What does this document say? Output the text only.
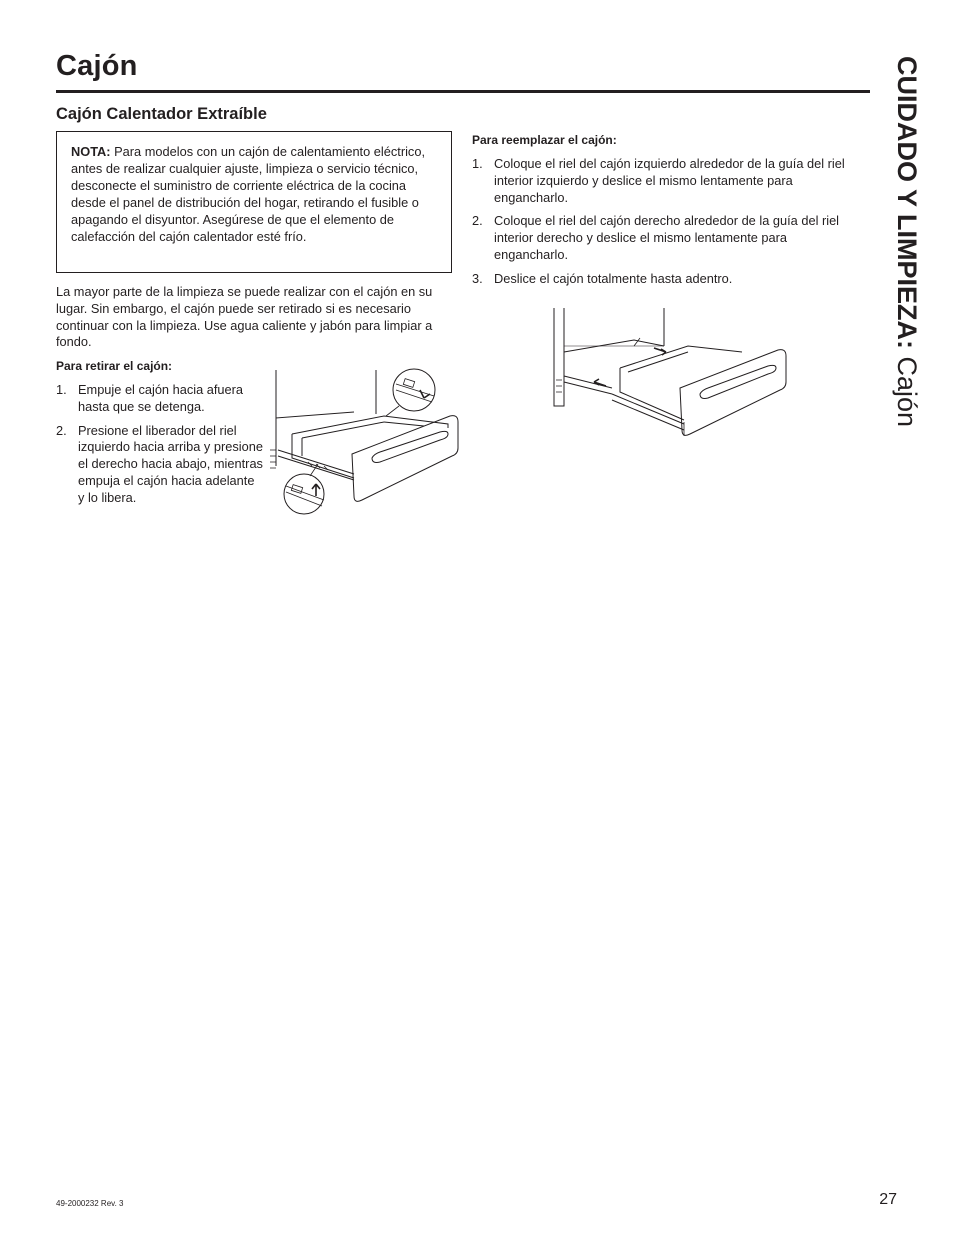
Cajón	CUIDADO Y LIMPIEZA: Cajón
Cajón Calentador Extraíble
NOTA: Para modelos con un cajón de calentamiento eléctrico, antes de realizar cualquier ajuste, limpieza o servicio técnico, desconecte el suministro de corriente eléctrica de la cocina desde el panel de distribución del hogar, retirando el fusible o apagando el disyuntor. Asegúrese de que el elemento de calefacción del cajón calentador esté frío.
La mayor parte de la limpieza se puede realizar con el cajón en su lugar. Sin embargo, el cajón puede ser retirado si es necesario continuar con la limpieza. Use agua caliente y jabón para limpiar a fondo.
Para retirar el cajón:
1. Empuje el cajón hacia afuera hasta que se detenga.
2. Presione el liberador del riel izquierdo hacia arriba y presione el derecho hacia abajo, mientras empuja el cajón hacia adelante y lo libera.
Para reemplazar el cajón:
1. Coloque el riel del cajón izquierdo alrededor de la guía del riel interior izquierdo y deslice el mismo lentamente para engancharlo.
2. Coloque el riel del cajón derecho alrededor de la guía del riel interior derecho y deslice el mismo lentamente para engancharlo.
3. Deslice el cajón totalmente hasta adentro.
49-2000232 Rev. 3	27
